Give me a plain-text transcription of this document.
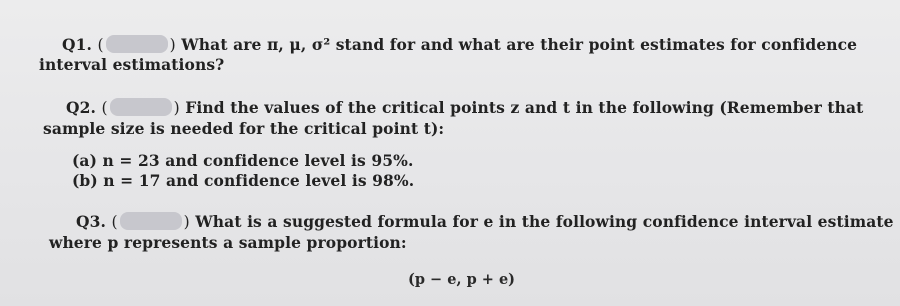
Q1. (	) What are π, μ, σ² stand for and what are their point estimates for confidence
interval estimations?
Q2. (	) Find the values of the critical points z and t in the following (Remember that
sample size is needed for the critical point t):
(a) n = 23 and confidence level is 95%.
(b) n = 17 and confidence level is 98%.
Q3. (	) What is a suggested formula for e in the following confidence interval estimate
where p represents a sample proportion:
(p − e, p + e)
